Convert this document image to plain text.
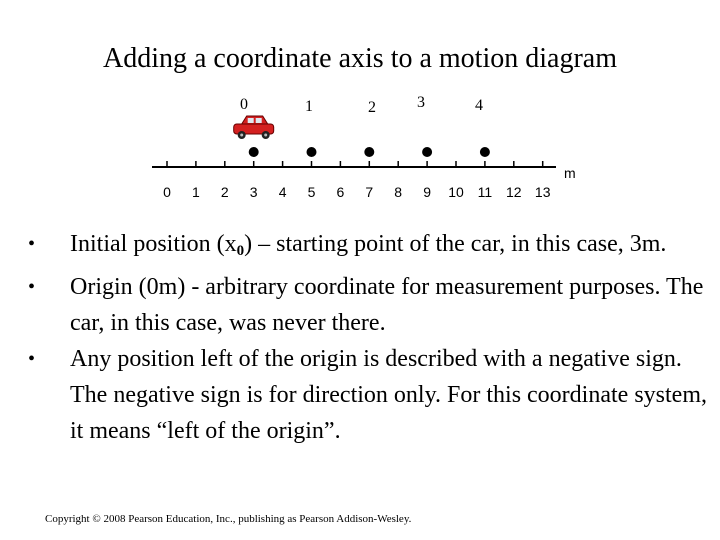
Adding a coordinate axis to a motion diagram
0	1	2	3	4
0 1 2 3 4 5 6 7 8 9 10 11 12 13
m
• Initial position $(x_0)$ – starting point of the car, in this case, 3m.
• Origin (0m) - arbitrary coordinate for measurement purposes. The car, in this case, was never there.
• Any position left of the origin is described with a negative sign. The negative sign is for direction only. For this coordinate system, it means “left of the origin”.
Copyright © 2008 Pearson Education, Inc., publishing as Pearson Addison-Wesley.
